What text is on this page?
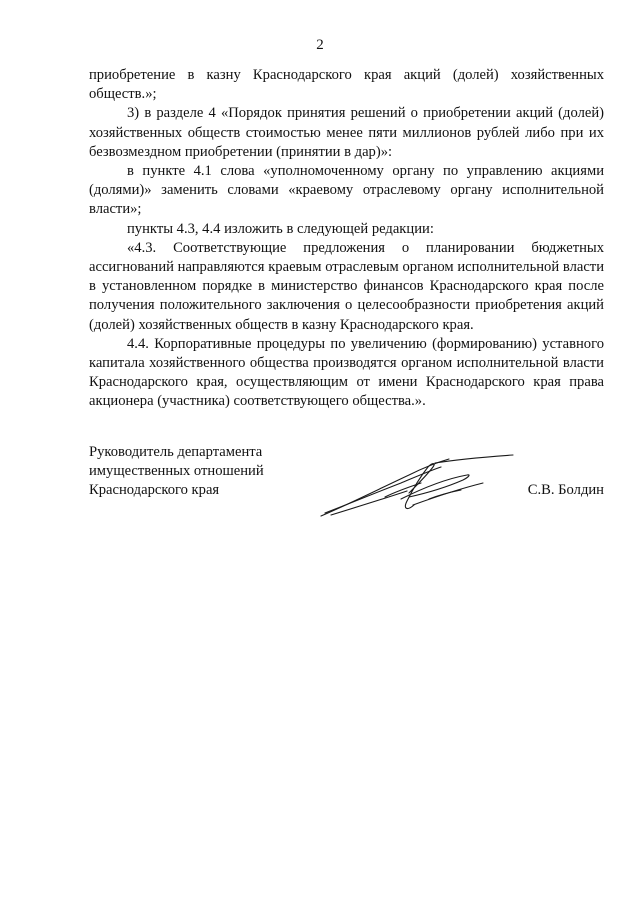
2

приобретение в казну Краснодарского края акций (долей) хозяйственных обществ.»;

3) в разделе 4 «Порядок принятия решений о приобретении акций (долей) хозяйственных обществ стоимостью менее пяти миллионов рублей либо при их безвозмездном приобретении (принятии в дар)»:

в пункте 4.1 слова «уполномоченному органу по управлению акциями (долями)» заменить словами «краевому отраслевому органу исполнительной власти»;

пункты 4.3, 4.4 изложить в следующей редакции:

«4.3. Соответствующие предложения о планировании бюджетных ассигнований направляются краевым отраслевым органом исполнительной власти в установленном порядке в министерство финансов Краснодарского края после получения положительного заключения о целесообразности приобретения акций (долей) хозяйственных обществ в казну Краснодарского края.

4.4. Корпоративные процедуры по увеличению (формированию) уставного капитала хозяйственного общества производятся органом исполнительной власти Краснодарского края, осуществляющим от имени Краснодарского края права акционера (участника) соответствующего общества.».

Руководитель департамента
имущественных отношений
Краснодарского края	С.В. Болдин
